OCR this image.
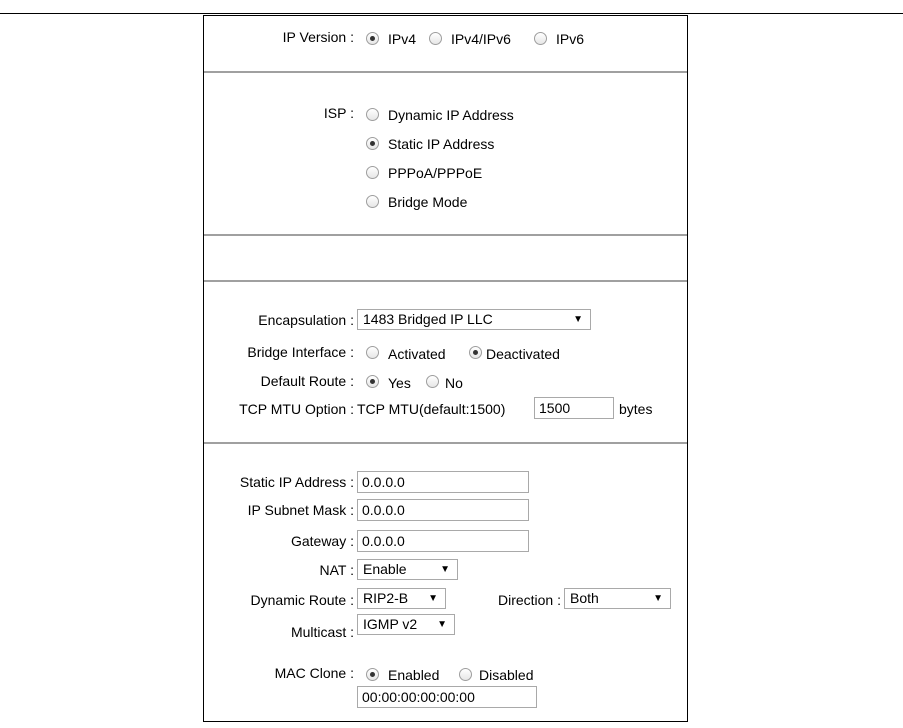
IP Version : IPv4 IPv4/IPv6	IPv6
ISP : Dynamic IP Address
Static IP Address
PPPoA/PPPoE
Bridge Mode
Encapsulation : 1483 Bridged IP LLC	▼
Bridge Interface : Activated	Deactivated
Default Route : Yes No
TCP MTU Option : TCP MTU(default:1500)	1500	bytes
Static IP Address : 0.0.0.0
IP Subnet Mask : 0.0.0.0
Gateway : 0.0.0.0
NAT : Enable	▼
Dynamic Route : RIP2-B ▼	Direction : Both	▼
Multicast : IGMP v2 ▼
MAC Clone : Enabled	Disabled
00:00:00:00:00:00
